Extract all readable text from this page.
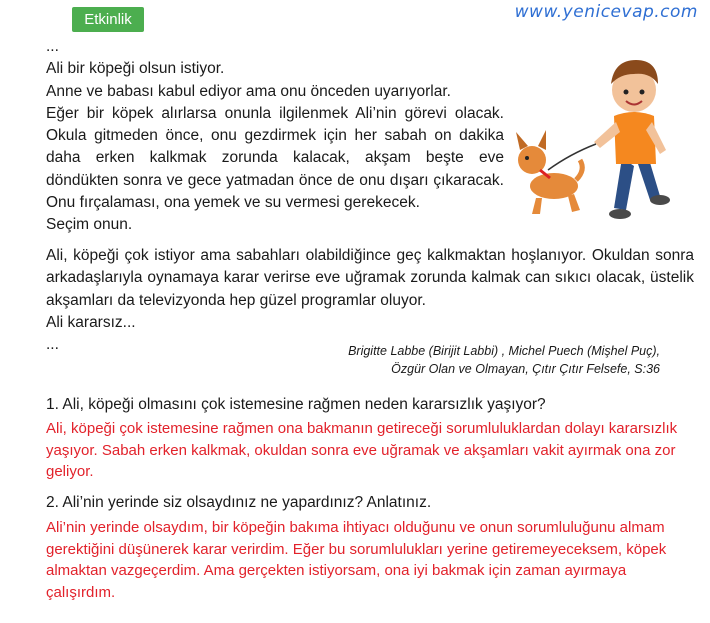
Etkinlik	www.yenicevap.com

...

Ali bir köpeği olsun istiyor.

Anne ve babası kabul ediyor ama onu önceden uyarıyorlar.

Eğer bir köpek alırlarsa onunla ilgilenmek Ali’nin görevi olacak. Okula gitmeden önce, onu gezdirmek için her sabah on dakika daha erken kalkmak zorunda kalacak, akşam beşte eve döndükten sonra ve gece yatmadan önce de onu dışarı çıkaracak. Onu fırçalaması, ona yemek ve su vermesi gerekecek.

Seçim onun.

Ali, köpeği çok istiyor ama sabahları olabildiğince geç kalkmaktan hoşlanıyor. Okuldan sonra arkadaşlarıyla oynamaya karar verirse eve uğramak zorunda kalmak can sıkıcı olacak, üstelik akşamları da televizyonda hep güzel programlar oluyor.

Ali kararsız...

...	Brigitte Labbe (Birijit Labbi) , Michel Puech (Mişhel Puç),
Özgür Olan ve Olmayan, Çıtır Çıtır Felsefe, S:36
1. Ali, köpeği olmasını çok istemesine rağmen neden kararsızlık yaşıyor?
Ali, köpeği çok istemesine rağmen ona bakmanın getireceği sorumluluklardan dolayı kararsızlık yaşıyor. Sabah erken kalkmak, okuldan sonra eve uğramak ve akşamları vakit ayırmak ona zor geliyor.
2. Ali’nin yerinde siz olsaydınız ne yapardınız? Anlatınız.
Ali’nin yerinde olsaydım, bir köpeğin bakıma ihtiyacı olduğunu ve onun sorumluluğunu almam gerektiğini düşünerek karar verirdim. Eğer bu sorumlulukları yerine getiremeyeceksem, köpek almaktan vazgeçerdim. Ama gerçekten istiyorsam, ona iyi bakmak için zaman ayırmaya çalışırdım.
